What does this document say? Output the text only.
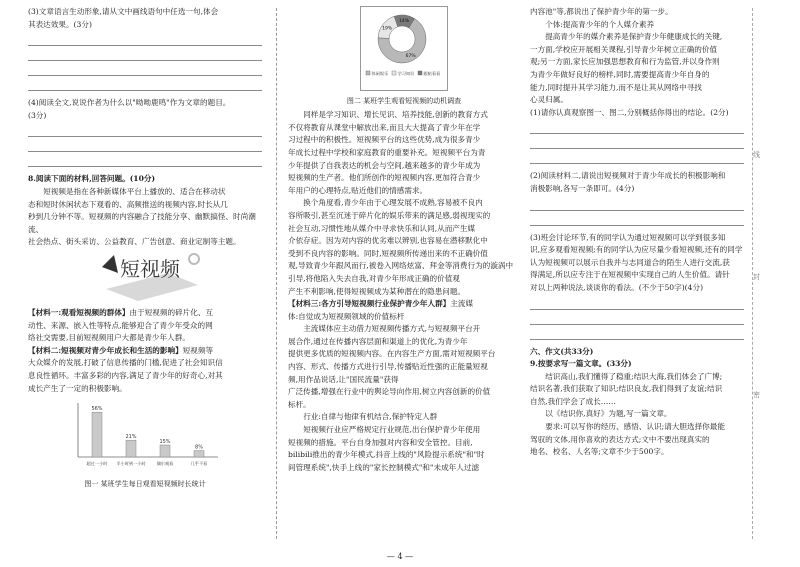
(3)文章语言生动形象,请从文中画线语句中任选一句,体会

其表达效果。(3分)

(4)阅读全文,说说作者为什么以"呦呦鹿鸣"作为文章的题目。

(3分)

8.阅读下面的材料,回答问题。(10分)

短视频是指在各种新媒体平台上播放的、适合在移动状

态和短时休闲状态下观看的、高频推送的视频内容,时长从几

秒到几分钟不等。短视频的内容融合了技能分享、幽默搞怪、时尚潮流、

社会热点、街头采访、公益教育、广告创意、商业定制等主题。

短视频

【材料一:观看短视频的群体】由于短视频的碎片化、互

动性、来源、嵌入性等特点,能够迎合了青少年受众的网

络社交需要,目前短视频用户大都是青少年人群。

【材料二:短视频对青少年成长和生活的影响】短视频等

大众媒介的发展,打破了信息传播的门槛,促进了社会知识信

息良性循环。丰富多彩的内容,满足了青少年的好奇心,对其

成长产生了一定的积极影响。

56%
超过一小时
21%
半小时到一小时
15%
偶尔观看
8%
几乎不看

图一 某班学生每日观看短视频时长统计

67%
19%
14%
休闲娱乐 学习知识 跟帖看看

图二 某班学生观看短视频的动机调查

同样是学习知识、增长见识、培养技能,创新的教育方式

不仅将教育从课堂中解放出来,而且大大提高了青少年在学

习过程中的积极性。短视频平台的这些优势,成为很多青少

年成长过程中学校和家庭教育的重要补充。短视频平台为青

少年提供了自我表达的机会与空间,越来越多的青少年成为

短视频的生产者。他们所创作的短视频内容,更加符合青少

年用户的心理特点,贴近他们的情感需求。

换个角度看,青少年由于心理发展不成熟,容易被不良内

容所吸引,甚至沉迷于碎片化的娱乐带来的满足感,弱视现实的

社会互动,习惯性地从媒介中寻求快乐和认同,从而产生媒

介依存症。因为对内容的优劣难以辨别,也容易在潜移默化中

受到不良内容的影响。同时,短视频所传递出来的不正确价值

观,导致青少年跟风而行,被卷入网络炫富、拜金等消费行为的漩涡中

引导,将他陷入失去自我,对青少年形成正确的价值观

产生不利影响,使得短视频成为某种潜在的隐患问题。

【材料三:各方引导短视频行业保护青少年人群】主流媒

体:自觉成为短视频领域的价值标杆

主流媒体应主动借力短视频传播方式,与短视频平台开

展合作,通过在传播内容层面和渠道上的优化,为青少年

提供更多优质的短视频内容。在内容生产方面,需对短视频平台

内容、形式、传播方式进行引导,传播贴近性强的正能量短视

频,用作品说话,让"国民流量"获得

广泛传播,增强在行业中的舆论导向作用,树立内容创新的价值

标杆。

行业:自律与他律有机结合,保护特定人群

短视频行业应严格规定行业规范,出台保护青少年使用

短视频的措施。平台自身加强对内容和安全管控。目前,

bilibili推出的青少年模式,抖音上线的"风险提示系统"和"时

间管理系统",快手上线的"家长控制模式"和"未成年人过滤

内容池"等,都说出了保护青少年的第一步。

个体:提高青少年的个人媒介素养

提高青少年的媒介素养是保护青少年健康成长的关键,

一方面,学校应开展相关课程,引导青少年树立正确的价值

观;另一方面,家长应加强思想教育和行为监管,并以身作则

为青少年做好良好的榜样,同时,需要提高青少年自身的

能力,同时提升其学习能力,而不是让其从网络中寻找

心灵归属。

(1)请你认真观察图一、图二,分别概括你得出的结论。(2分)

(2)阅读材料二,请说出短视频对于青少年成长的积极影响和

消极影响,各写一条即可。(4分)

(3)班会讨论环节,有的同学认为通过短视频可以学到很多知

识,应多观看短视频;有的同学认为应尽量少看短视频,还有的同学

认为短视频可以展示自我并与志同道合的陌生人进行交流,获

得满足,所以应专注于在短视频中实现自己的人生价值。请针

对以上两种说法,谈谈你的看法。(不少于50字)(4分)

六、作文(共33分)

9.按要求写一篇文章。(33分)

结识高山,我们懂得了稳重;结识大海,我们体会了广博;

结识名著,我们获取了知识;结识良友,我们得到了友谊;结识

自然,我们学会了成长……

以《结识你,真好》为题,写一篇文章。

要求:可以写你的经历、感悟、认识;请大胆选择你最能

驾驭的文体,用你喜欢的表达方式;文中不要出现真实的

地名、校名、人名等;文章不少于500字。

线
封
密
— 4 —
